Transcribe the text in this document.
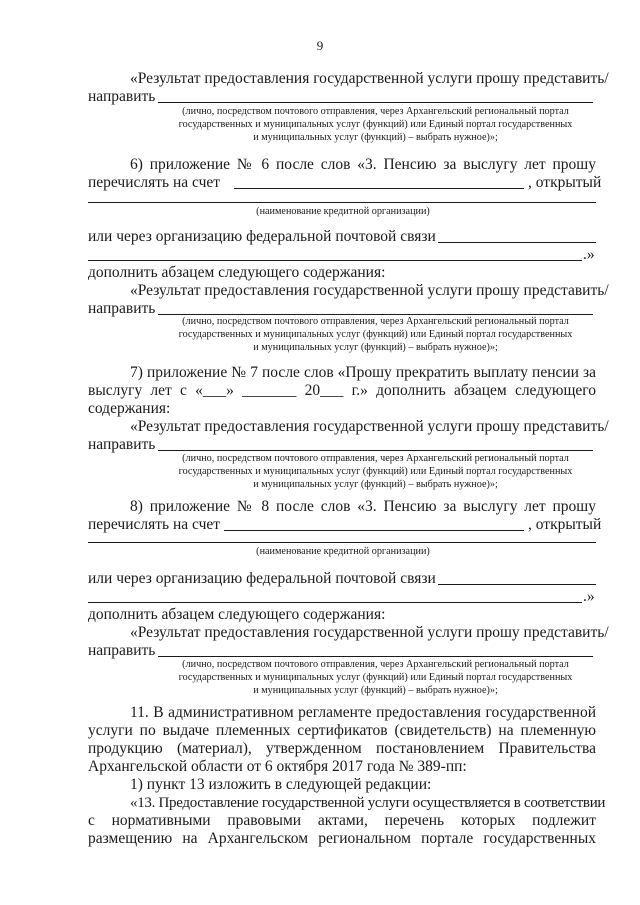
9
«Результат предоставления государственной услуги прошу представить/
направить
(лично, посредством почтового отправления, через Архангельский региональный портал
государственных и муниципальных услуг (функций) или Единый портал государственных
и муниципальных услуг (функций) – выбрать нужное)»;
6) приложение № 6 после слов «3. Пенсию за выслугу лет прошу
перечислять на счет	, открытый
(наименование кредитной организации)
или через организацию федеральной почтовой связи
.»
дополнить абзацем следующего содержания:
«Результат предоставления государственной услуги прошу представить/
направить
(лично, посредством почтового отправления, через Архангельский региональный портал
государственных и муниципальных услуг (функций) или Единый портал государственных
и муниципальных услуг (функций) – выбрать нужное)»;
7) приложение № 7 после слов «Прошу прекратить выплату пенсии за
выслугу лет с «___» _______ 20___ г.» дополнить абзацем следующего
содержания:
«Результат предоставления государственной услуги прошу представить/
направить
(лично, посредством почтового отправления, через Архангельский региональный портал
государственных и муниципальных услуг (функций) или Единый портал государственных
и муниципальных услуг (функций) – выбрать нужное)»;
8) приложение № 8 после слов «3. Пенсию за выслугу лет прошу
перечислять на счет	, открытый
(наименование кредитной организации)
или через организацию федеральной почтовой связи
.»
дополнить абзацем следующего содержания:
«Результат предоставления государственной услуги прошу представить/
направить
(лично, посредством почтового отправления, через Архангельский региональный портал
государственных и муниципальных услуг (функций) или Единый портал государственных
и муниципальных услуг (функций) – выбрать нужное)»;
11. В административном регламенте предоставления государственной
услуги по выдаче племенных сертификатов (свидетельств) на племенную
продукцию (материал), утвержденном постановлением Правительства
Архангельской области от 6 октября 2017 года № 389-пп:
1) пункт 13 изложить в следующей редакции:
«13. Предоставление государственной услуги осуществляется в соответствии
с нормативными правовыми актами, перечень которых подлежит
размещению на Архангельском региональном портале государственных
